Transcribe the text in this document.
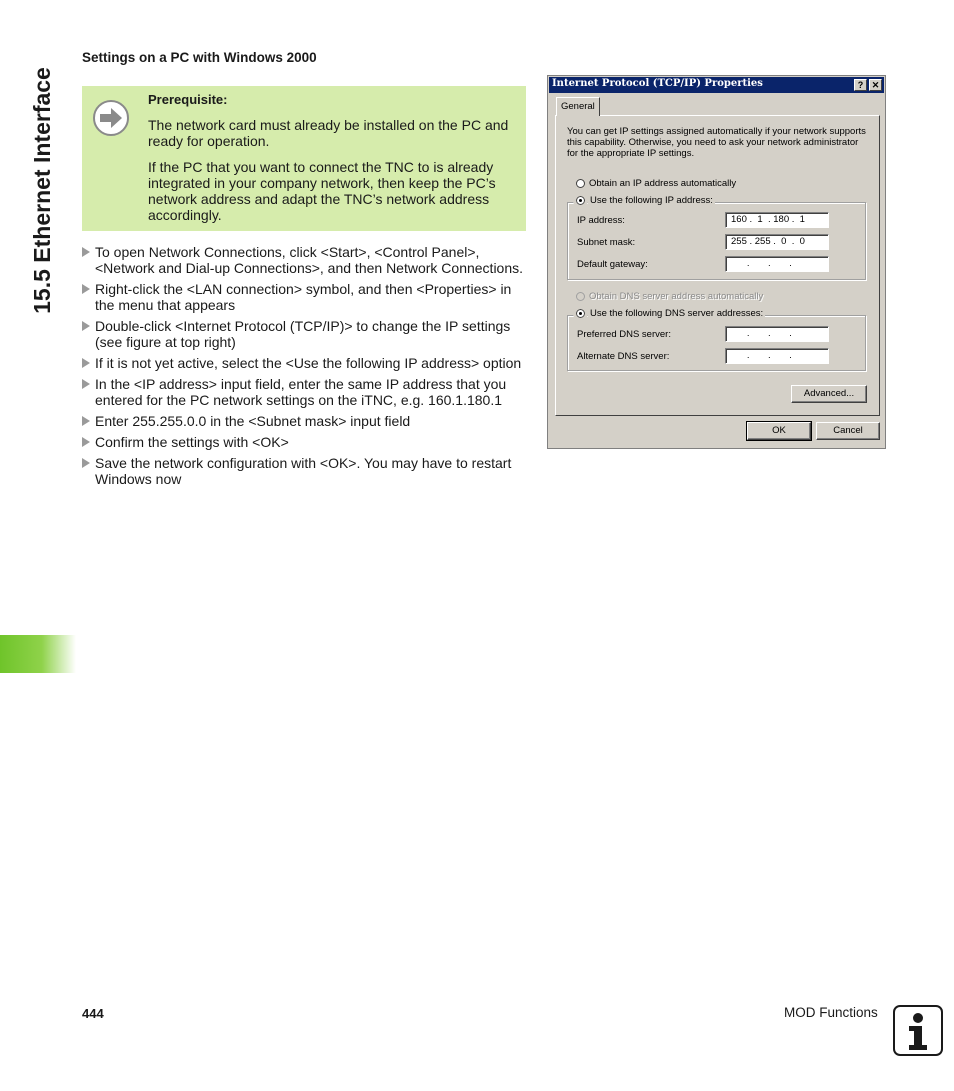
15.5 Ethernet Interface
Settings on a PC with Windows 2000
Prerequisite:
The network card must already be installed on the PC and ready for operation.
If the PC that you want to connect the TNC to is already integrated in your company network, then keep the PC’s network address and adapt the TNC’s network address accordingly.
To open Network Connections, click <Start>, <Control Panel>, <Network and Dial-up Connections>, and then Network Connections.
Right-click the <LAN connection> symbol, and then <Properties> in the menu that appears
Double-click <Internet Protocol (TCP/IP)> to change the IP settings (see figure at top right)
If it is not yet active, select the <Use the following IP address> option
In the <IP address> input field, enter the same IP address that you entered for the PC network settings on the iTNC, e.g. 160.1.180.1
Enter 255.255.0.0 in the <Subnet mask> input field
Confirm the settings with <OK>
Save the network configuration with <OK>. You may have to restart Windows now
Internet Protocol (TCP/IP) Properties	? ✕
General
You can get IP settings assigned automatically if your network supports this capability. Otherwise, you need to ask your network administrator for the appropriate IP settings.
Obtain an IP address automatically
Use the following IP address:
IP address:	160 .  1  . 180 .  1
Subnet mask:	255 . 255 .  0  .  0
Default gateway:	.       .       .
Obtain DNS server address automatically
Use the following DNS server addresses:
Preferred DNS server:	.       .       .
Alternate DNS server:	.       .       .
Advanced...
OK	Cancel
444	MOD Functions
